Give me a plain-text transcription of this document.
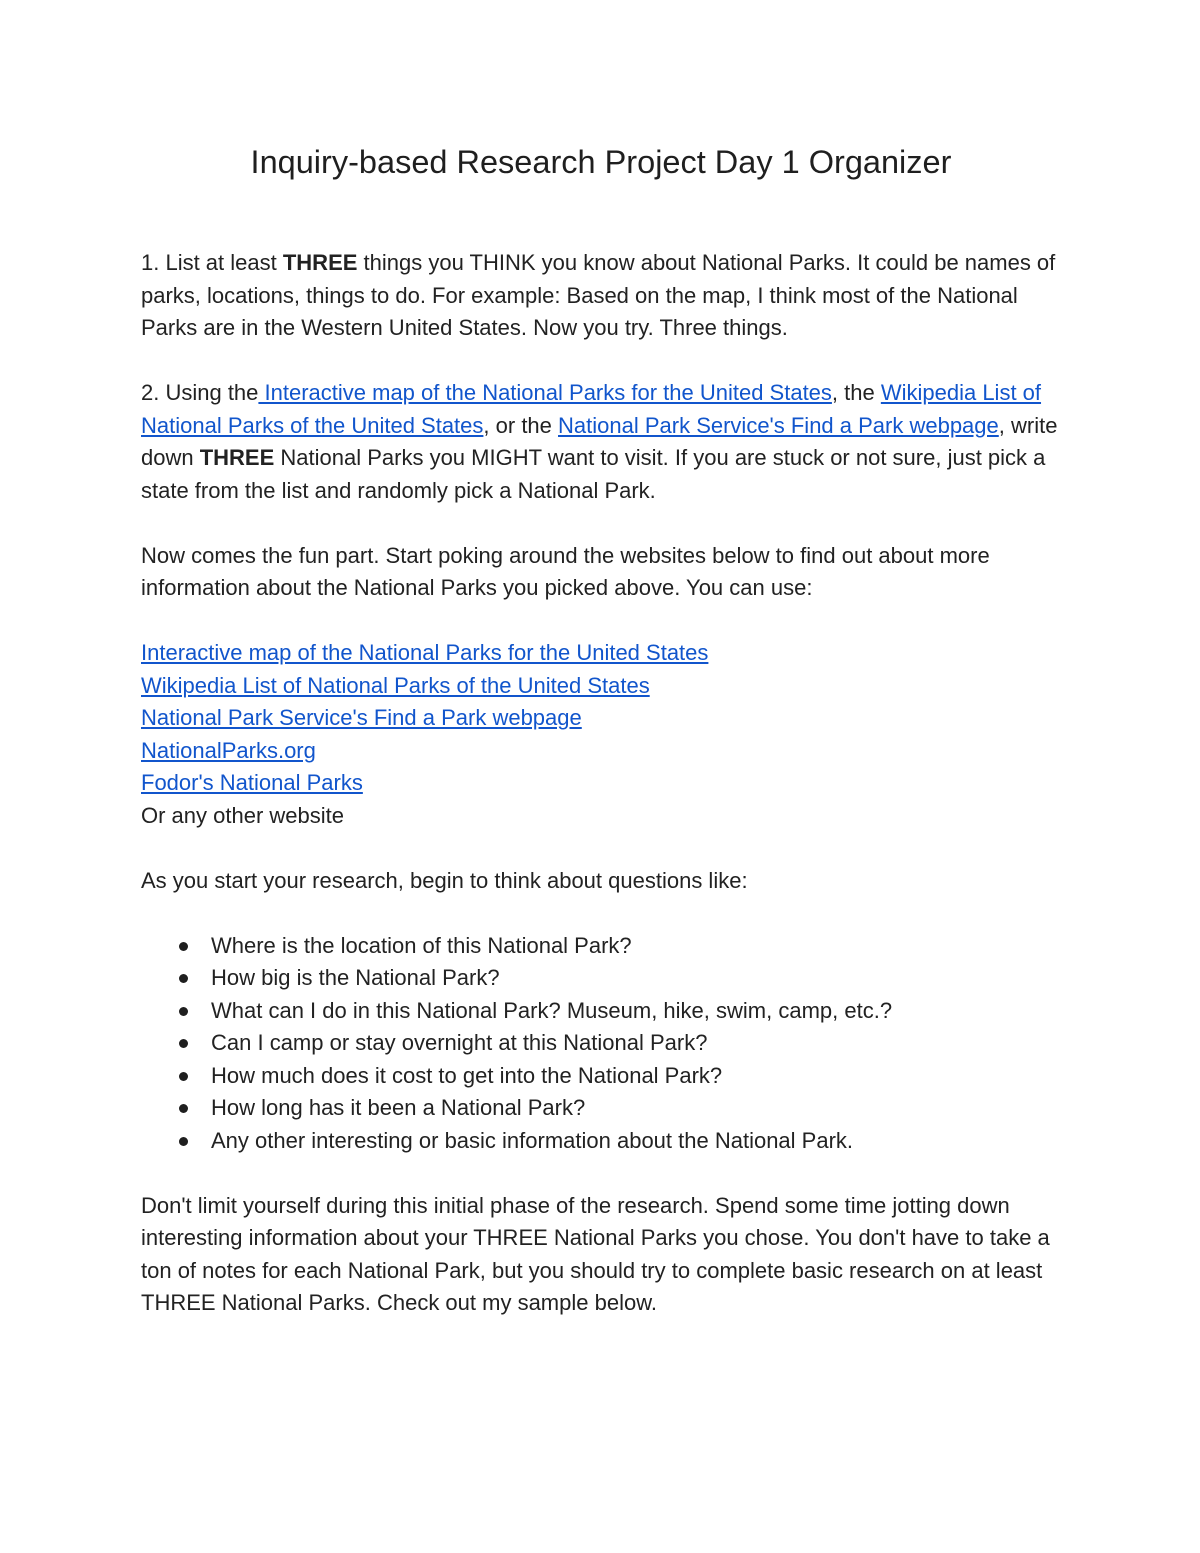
Inquiry-based Research Project Day 1 Organizer

1. List at least THREE things you THINK you know about National Parks. It could be names of parks, locations, things to do. For example: Based on the map, I think most of the National Parks are in the Western United States. Now you try. Three things.

2. Using the Interactive map of the National Parks for the United States, the Wikipedia List of National Parks of the United States, or the National Park Service's Find a Park webpage, write down THREE National Parks you MIGHT want to visit. If you are stuck or not sure, just pick a state from the list and randomly pick a National Park.

Now comes the fun part. Start poking around the websites below to find out about more information about the National Parks you picked above. You can use:

Interactive map of the National Parks for the United States
Wikipedia List of National Parks of the United States
National Park Service's Find a Park webpage
NationalParks.org
Fodor's National Parks
Or any other website

As you start your research, begin to think about questions like:

Where is the location of this National Park?
How big is the National Park?
What can I do in this National Park? Museum, hike, swim, camp, etc.?
Can I camp or stay overnight at this National Park?
How much does it cost to get into the National Park?
How long has it been a National Park?
Any other interesting or basic information about the National Park.

Don't limit yourself during this initial phase of the research. Spend some time jotting down interesting information about your THREE National Parks you chose. You don't have to take a ton of notes for each National Park, but you should try to complete basic research on at least THREE National Parks. Check out my sample below.
